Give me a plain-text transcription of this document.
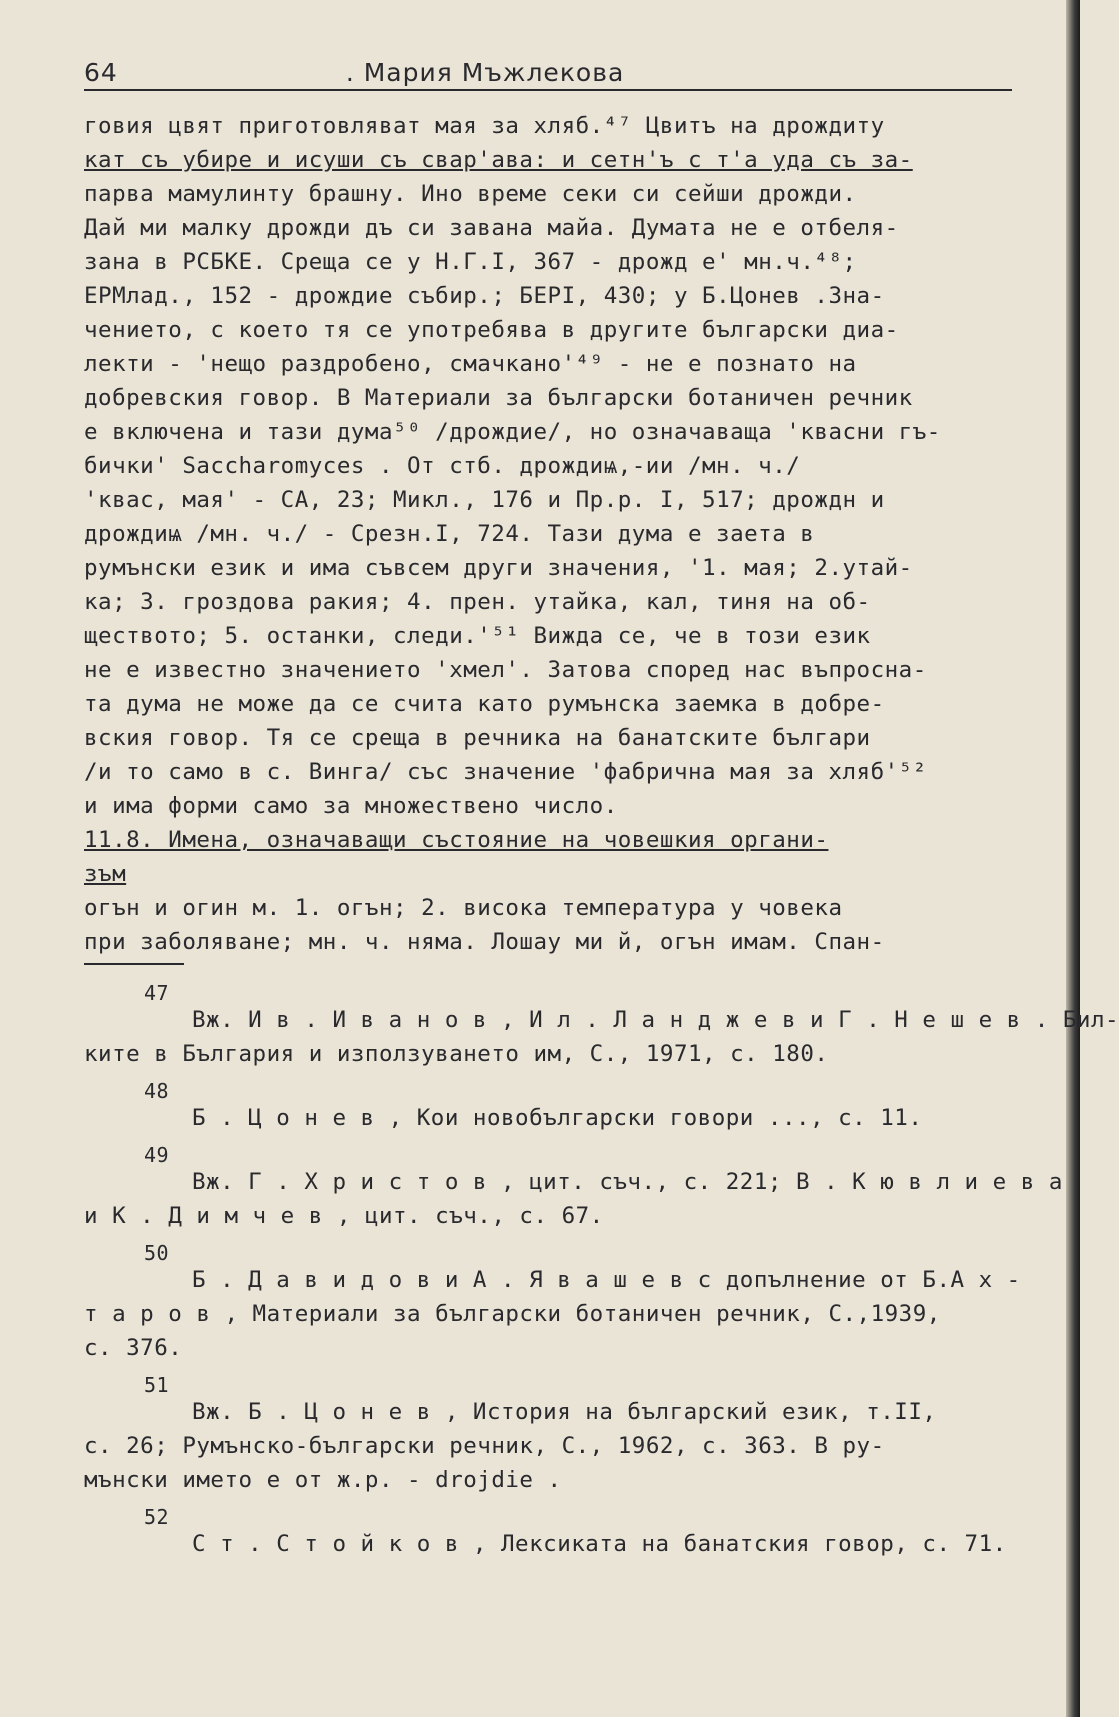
64	. Мария Мъжлекова

говия цвят приготовляват мая за хляб.⁴⁷ Цвитъ на дрождиту

кат съ убире и исуши съ свар'ава: и сетн'ъ с т'а уда съ за-

парва мамулинту брашну. Ино време секи си сейши дрожди.

Дай ми малку дрожди дъ си завана майа. Думата не е отбеля-

зана в РСБКЕ. Среща се у Н.Г.I, 367 - дрожд е' мн.ч.⁴⁸;

ЕРМлад., 152 - дрождие събир.; БЕРI, 430; у Б.Цонев .Зна-

чението, с което тя се употребява в другите български диа-

лекти - 'нещо раздробено, смачкано'⁴⁹ - не е познато на

добревския говор. В Материали за български ботаничен речник

е включена и тази дума⁵⁰ /дрождие/, но означаваща 'квасни гъ-

бички' Saccharomyces . От стб. дрождиѩ,-ии /мн. ч./

'квас, мая' - СА, 23; Микл., 176 и Пр.р. I, 517; дрождн и

дрождиѩ /мн. ч./ - Срезн.I, 724. Тази дума е заета в

румънски език и има съвсем други значения, '1. мая; 2.утай-

ка; 3. гроздова ракия; 4. прен. утайка, кал, тиня на об-

ществото; 5. останки, следи.'⁵¹ Вижда се, че в този език

не е известно значението 'хмел'. Затова според нас въпросна-

та дума не може да се счита като румънска заемка в добре-

вския говор. Тя се среща в речника на банатските българи

/и то само в с. Винга/ със значение 'фабрична мая за хляб'⁵²

и има форми само за множествено число.

11.8. Имена, означаващи състояние на човешкия органи-

зъм

огън и огин м. 1. огън; 2. висока температура у човека

при заболяване; мн. ч. няма. Лошау ми й, огън имам. Спан-

47
Вж. И в . И в а н о в , И л . Л а н д ж е в и Г . Н е ш е в . Бил-
ките в България и използуването им, С., 1971, с. 180.
48
Б . Ц о н е в , Кои новобългарски говори ..., с. 11.
49
Вж. Г . Х р и с т о в , цит. съч., с. 221; В . К ю в л и е в а
и К . Д и м ч е в , цит. съч., с. 67.
50
Б . Д а в и д о в и А . Я в а ш е в с допълнение от Б.А х -
т а р о в , Материали за български ботаничен речник, С.,1939,
с. 376.
51
Вж. Б . Ц о н е в , История на българский език, т.II,
с. 26; Румънско-български речник, С., 1962, с. 363. В ру-
мънски името е от ж.р. - drojdie .
52
С т . С т о й к о в , Лексиката на банатския говор, с. 71.
